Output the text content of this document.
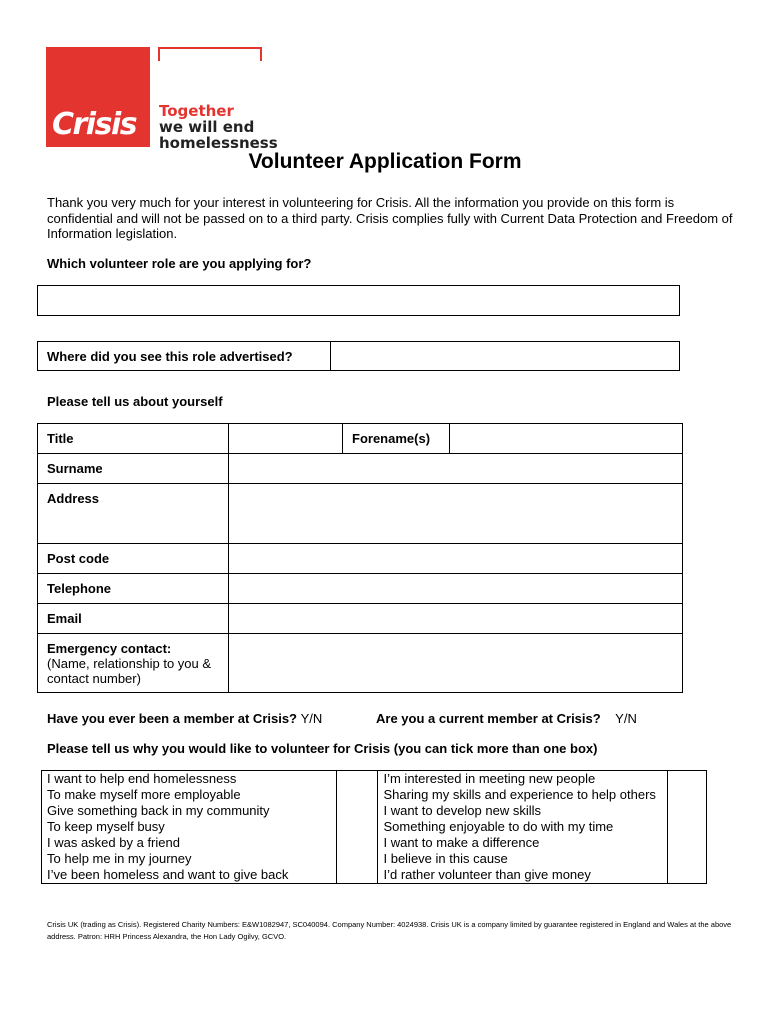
Crisis	Together
we will end
homelessness
Volunteer Application Form
Thank you very much for your interest in volunteering for Crisis. All the information you provide on this form is confidential and will not be passed on to a third party. Crisis complies fully with Current Data Protection and Freedom of Information legislation.
Which volunteer role are you applying for?
Where did you see this role advertised?
Please tell us about yourself
Title		Forename(s)	
Surname			
Address			
Post code			
Telephone			
Email			

Emergency contact:
(Name, relationship to you & contact number)			

Have you ever been a member at Crisis? Y/N	Are you a current member at Crisis? Y/N
Please tell us why you would like to volunteer for Crisis (you can tick more than one box)
I want to help end homelessness		I’m interested in meeting new people	
To make myself more employable		Sharing my skills and experience to help others	
Give something back in my community		I want to develop new skills	
To keep myself busy		Something enjoyable to do with my time	
I was asked by a friend		I want to make a difference	
To help me in my journey		I believe in this cause	
I’ve been homeless and want to give back		I’d rather volunteer than give money	
Crisis UK (trading as Crisis). Registered Charity Numbers: E&W1082947, SC040094. Company Number: 4024938. Crisis UK is a company limited by guarantee registered in England and Wales at the above address. Patron: HRH Princess Alexandra, the Hon Lady Ogilvy, GCVO.
